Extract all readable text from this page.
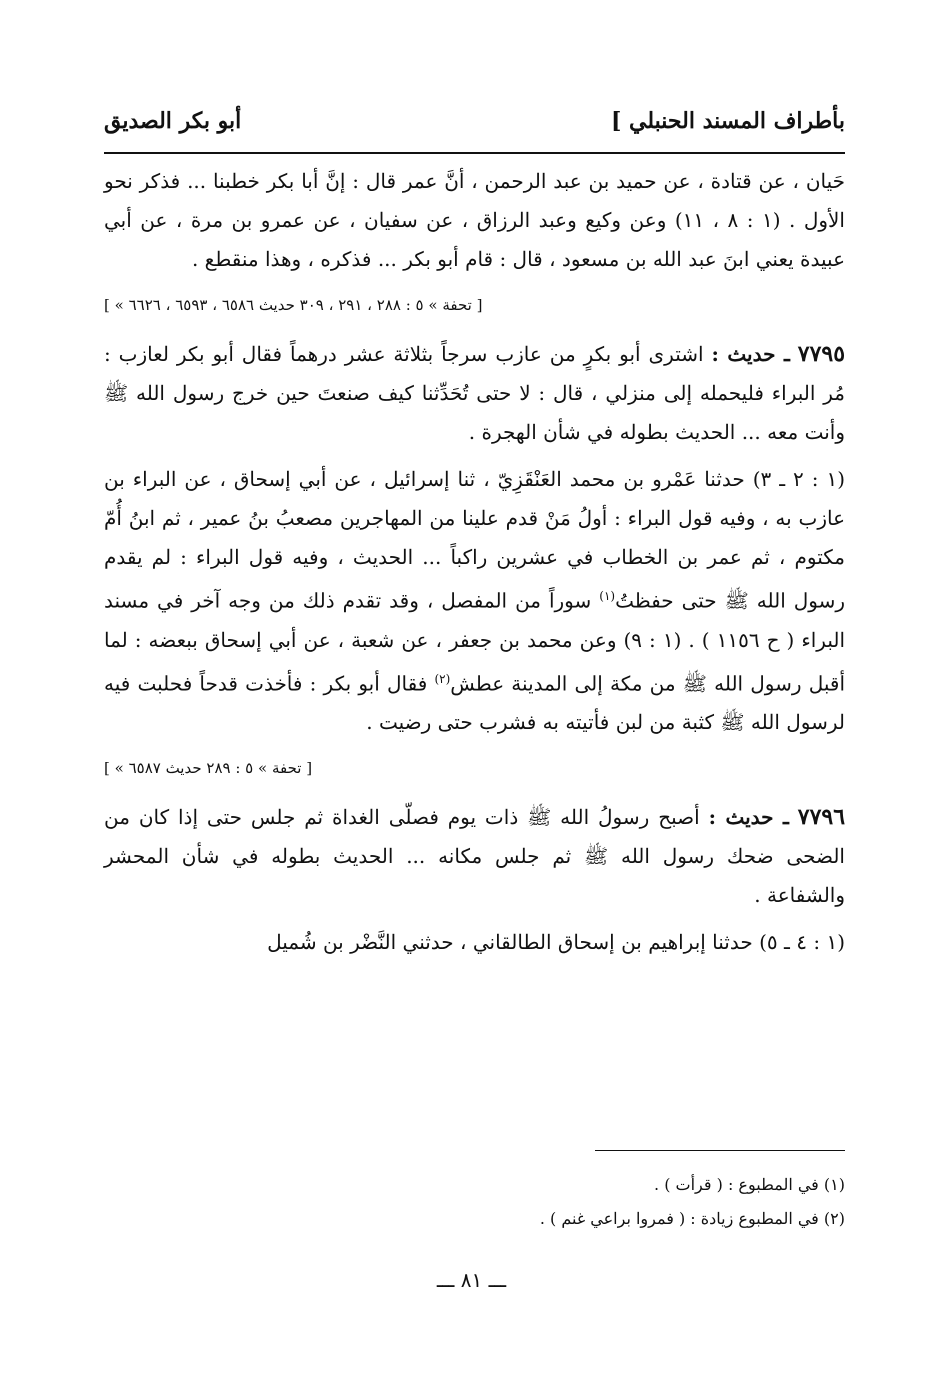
بأطراف المسند الحنبلي ]
أبو بكر الصديق

حَيان ، عن قتادة ، عن حميد بن عبد الرحمن ، أنَّ عمر قال : إنَّ أبا بكر خطبنا ... فذكر نحو الأول . (١ : ٨ ، ١١) وعن وكيع وعبد الرزاق ، عن سفيان ، عن عمرو بن مرة ، عن أبي عبيدة يعني ابنَ عبد الله بن مسعود ، قال : قام أبو بكر ... فذكره ، وهذا منقطع .

[ « تحفة » ٥ : ٢٨٨ ، ٢٩١ ، ٣٠٩ حديث ٦٥٨٦ ، ٦٥٩٣ ، ٦٦٢٦ ]

٧٧٩٥ ـ حديث : اشترى أبو بكرٍ من عازب سرجاً بثلاثة عشر درهماً فقال أبو بكر لعازب : مُر البراء فليحمله إلى منزلي ، قال : لا حتى تُحَدِّثنا كيف صنعتَ حين خرج رسول الله ﷺ وأنت معه ... الحديث بطوله في شأن الهجرة .

(١ : ٢ ـ ٣) حدثنا عَمْرو بن محمد العَنْقَزِيّ ، ثنا إسرائيل ، عن أبي إسحاق ، عن البراء بن عازب به ، وفيه قول البراء : أولُ مَنْ قدم علينا من المهاجرين مصعبُ بنُ عمير ، ثم ابنُ أُمّ مكتوم ، ثم عمر بن الخطاب في عشرين راكباً ... الحديث ، وفيه قول البراء : لم يقدم رسول الله ﷺ حتى حفظتُ$^{(١)}$ سوراً من المفصل ، وقد تقدم ذلك من وجه آخر في مسند البراء ( ح ١١٥٦ ) . (١ : ٩) وعن محمد بن جعفر ، عن شعبة ، عن أبي إسحاق ببعضه : لما أقبل رسول الله ﷺ من مكة إلى المدينة عطش$^{(٢)}$ فقال أبو بكر : فأخذت قدحاً فحلبت فيه لرسول الله ﷺ كثبة من لبن فأتيته به فشرب حتى رضيت .

[ « تحفة » ٥ : ٢٨٩ حديث ٦٥٨٧ ]

٧٧٩٦ ـ حديث : أصبح رسولُ الله ﷺ ذات يوم فصلّى الغداة ثم جلس حتى إذا كان من الضحى ضحك رسول الله ﷺ ثم جلس مكانه ... الحديث بطوله في شأن المحشر والشفاعة .

(١ : ٤ ـ ٥) حدثنا إبراهيم بن إسحاق الطالقاني ، حدثني النَّضْر بن شُميل

(١) في المطبوع : ( قرأت ) .

(٢) في المطبوع زيادة : ( فمروا براعي غنم ) .

ـــ ٨١ ـــ
